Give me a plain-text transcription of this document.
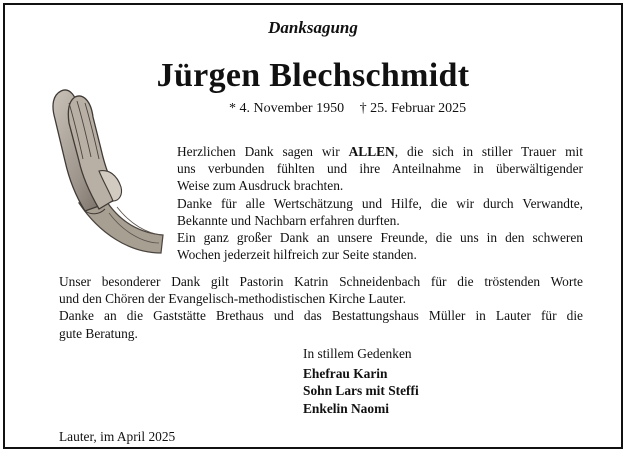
Danksagung
Jürgen Blechschmidt
* 4. November 1950 † 25. Februar 2025

Herzlichen Dank sagen wir ALLEN, die sich in stiller Trauer mit
uns verbunden fühlten und ihre Anteilnahme in überwältigender
Weise zum Ausdruck brachten.
Danke für alle Wertschätzung und Hilfe, die wir durch Verwandte,
Bekannte und Nachbarn erfahren durften.
Ein ganz großer Dank an unsere Freunde, die uns in den schweren
Wochen jederzeit hilfreich zur Seite standen.

Unser besonderer Dank gilt Pastorin Katrin Schneidenbach für die tröstenden Worte
und den Chören der Evangelisch-methodistischen Kirche Lauter.
Danke an die Gaststätte Brethaus und das Bestattungshaus Müller in Lauter für die
gute Beratung.

In stillem Gedenken
Ehefrau Karin
Sohn Lars mit Steffi
Enkelin Naomi
Lauter, im April 2025
